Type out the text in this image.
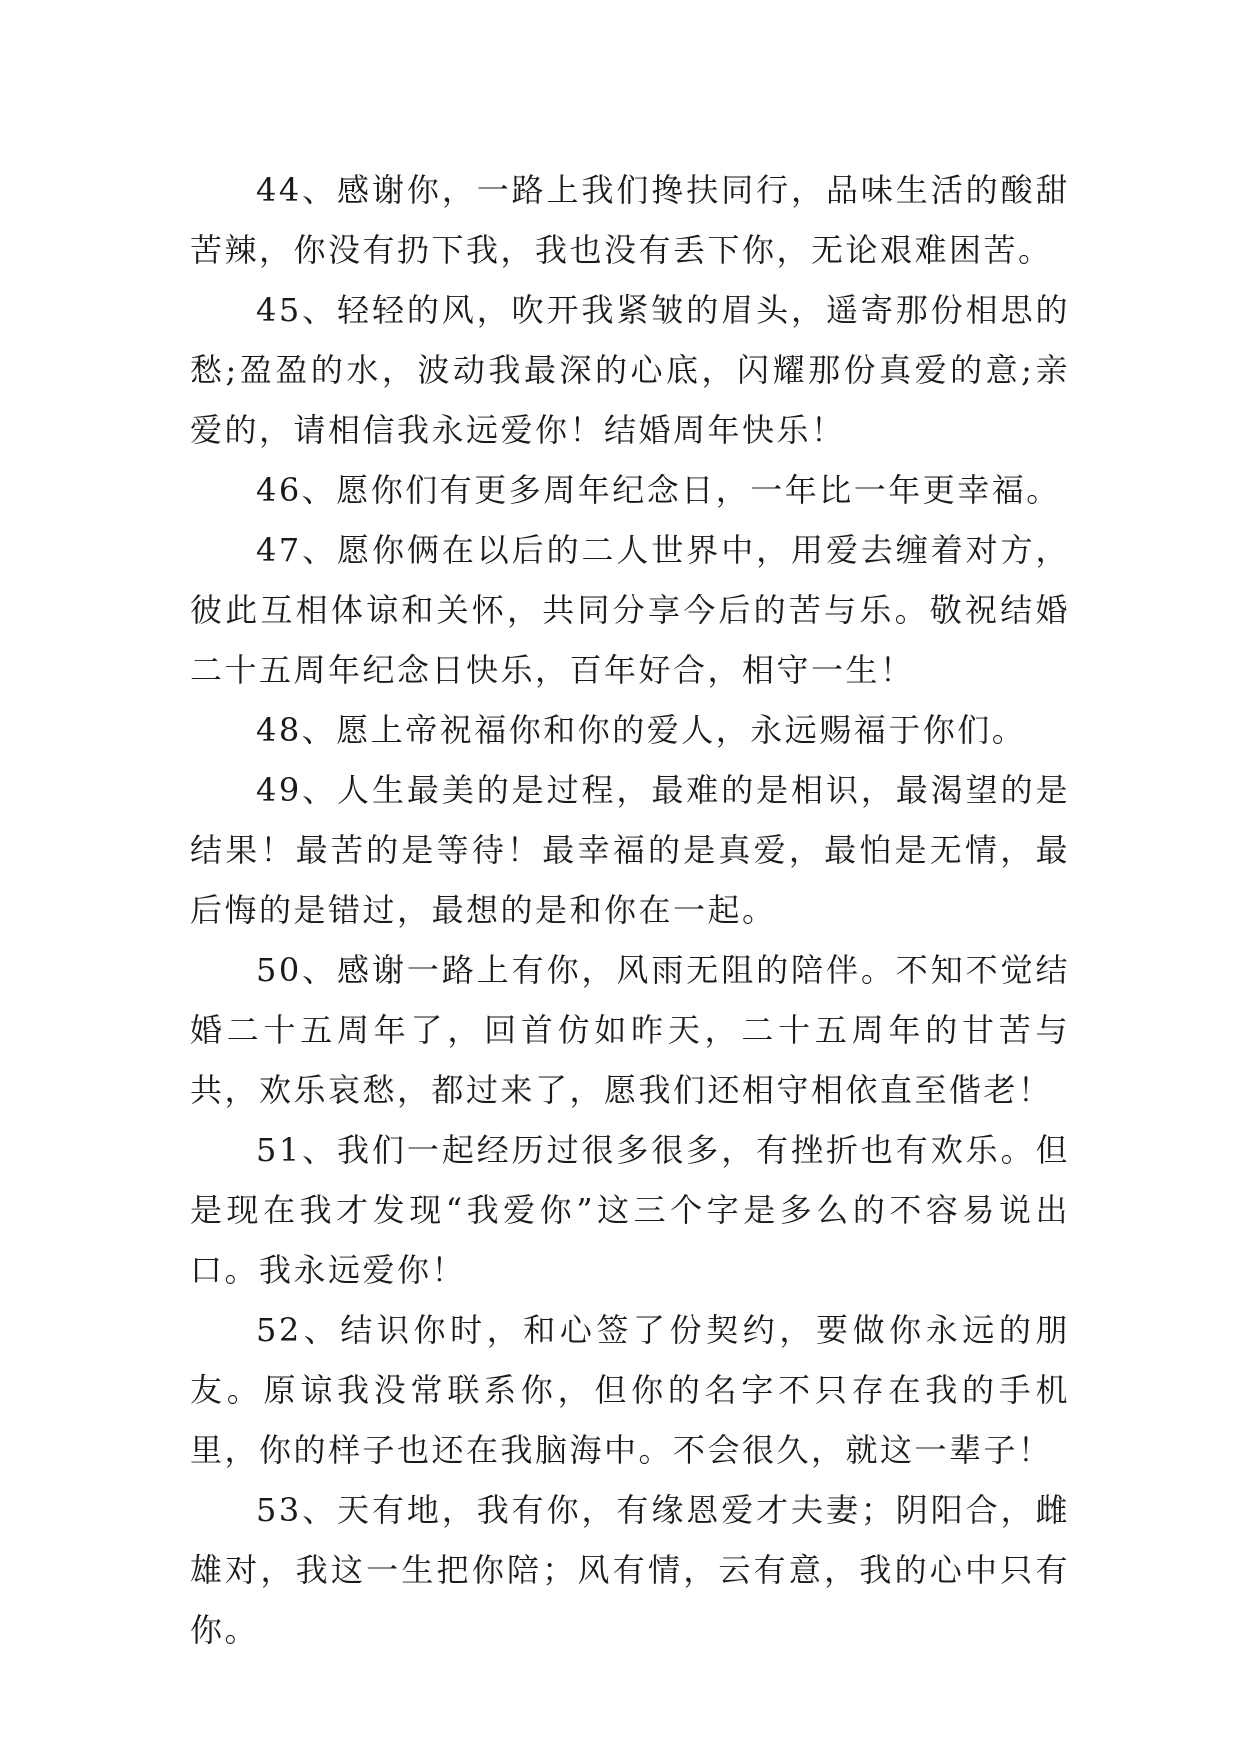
44、感谢你，一路上我们搀扶同行，品味生活的酸甜苦辣，你没有扔下我，我也没有丢下你，无论艰难困苦。

45、轻轻的风，吹开我紧皱的眉头，遥寄那份相思的愁;盈盈的水，波动我最深的心底，闪耀那份真爱的意;亲爱的，请相信我永远爱你！结婚周年快乐！

46、愿你们有更多周年纪念日，一年比一年更幸福。

47、愿你俩在以后的二人世界中，用爱去缠着对方，彼此互相体谅和关怀，共同分享今后的苦与乐。敬祝结婚二十五周年纪念日快乐，百年好合，相守一生！

48、愿上帝祝福你和你的爱人，永远赐福于你们。

49、人生最美的是过程，最难的是相识，最渴望的是结果！最苦的是等待！最幸福的是真爱，最怕是无情，最后悔的是错过，最想的是和你在一起。

50、感谢一路上有你，风雨无阻的陪伴。不知不觉结婚二十五周年了，回首仿如昨天，二十五周年的甘苦与共，欢乐哀愁，都过来了，愿我们还相守相依直至偕老！

51、我们一起经历过很多很多，有挫折也有欢乐。但是现在我才发现“我爱你”这三个字是多么的不容易说出口。我永远爱你！

52、结识你时，和心签了份契约，要做你永远的朋友。原谅我没常联系你，但你的名字不只存在我的手机里，你的样子也还在我脑海中。不会很久，就这一辈子！

53、天有地，我有你，有缘恩爱才夫妻；阴阳合，雌雄对，我这一生把你陪；风有情，云有意，我的心中只有你。
